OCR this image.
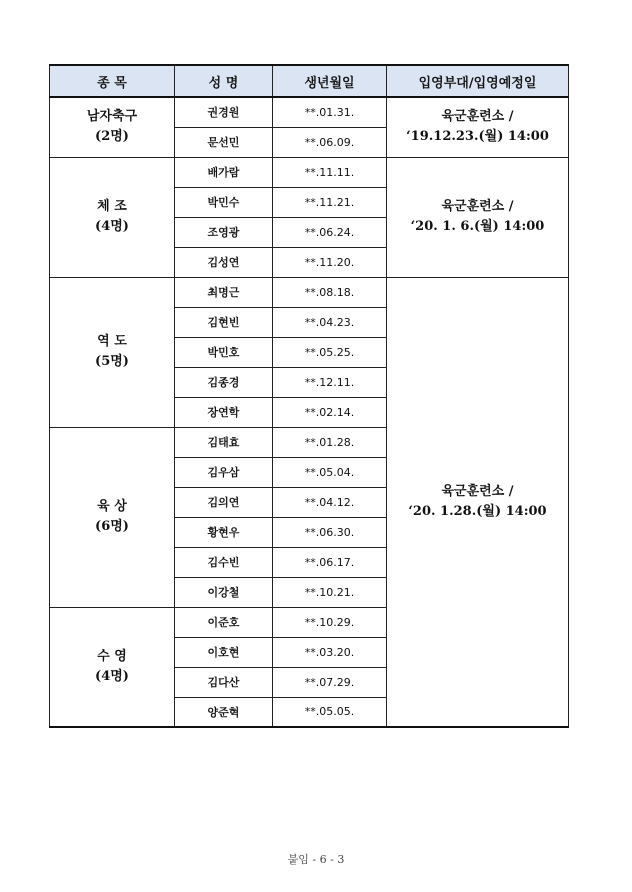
종 목	성 명	생년월일	입영부대/입영예정일
남자축구
(2명)	권경원	**.01.31.	육군훈련소 /
‘19.12.23.(월) 14:00

	문선민	**.06.09.	
체 조
(4명)	배가람	**.11.11.	육군훈련소 /
‘20. 1. 6.(월) 14:00

	박민수	**.11.21.	
	조영광	**.06.24.	
	김성연	**.11.20.	
역 도
(5명)	최명근	**.08.18.	육군훈련소 /
‘20. 1.28.(월) 14:00

	김현빈	**.04.23.	
	박민호	**.05.25.	
	김종경	**.12.11.	
	장연학	**.02.14.	
육 상
(6명)	김태효	**.01.28.	
	김우삼	**.05.04.	
	김의연	**.04.12.	
	황현우	**.06.30.	
	김수빈	**.06.17.	
	이강철	**.10.21.	
수 영
(4명)	이준호	**.10.29.	
	이호현	**.03.20.	
	김다산	**.07.29.	
	양준혁	**.05.05.	
붙임 - 6 - 3
